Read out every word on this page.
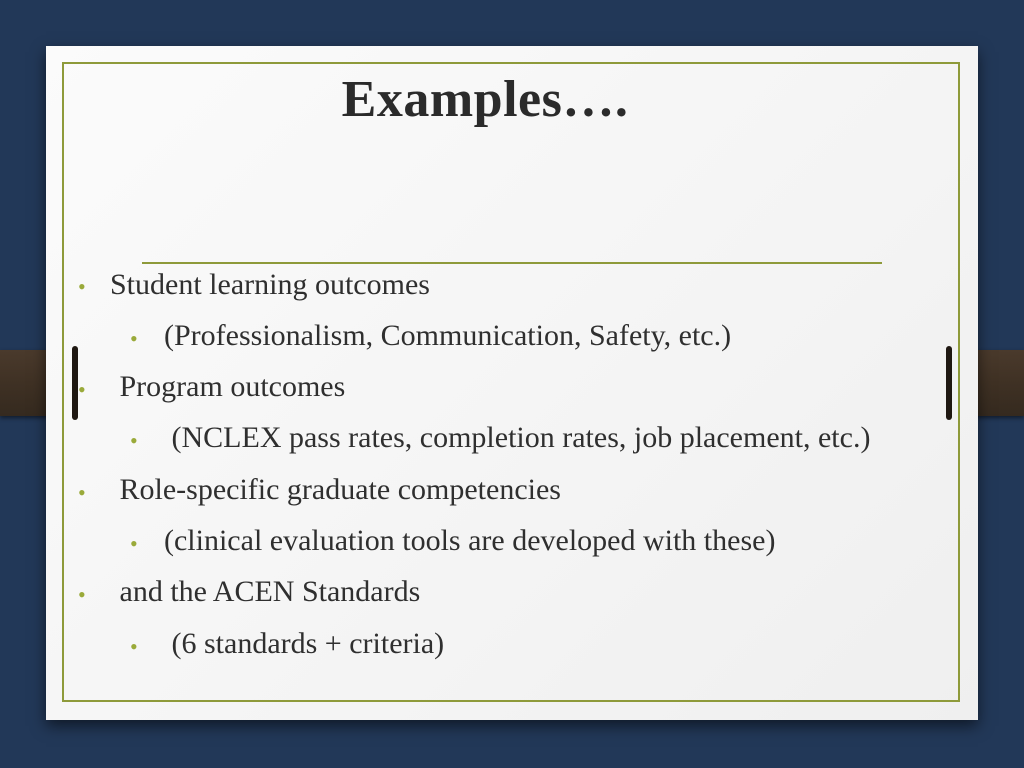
Examples….
• Student learning outcomes
• (Professionalism, Communication, Safety, etc.)
• Program outcomes
• (NCLEX pass rates, completion rates, job placement, etc.)
• Role-specific graduate competencies
• (clinical evaluation tools are developed with these)
• and the ACEN Standards
• (6 standards + criteria)
